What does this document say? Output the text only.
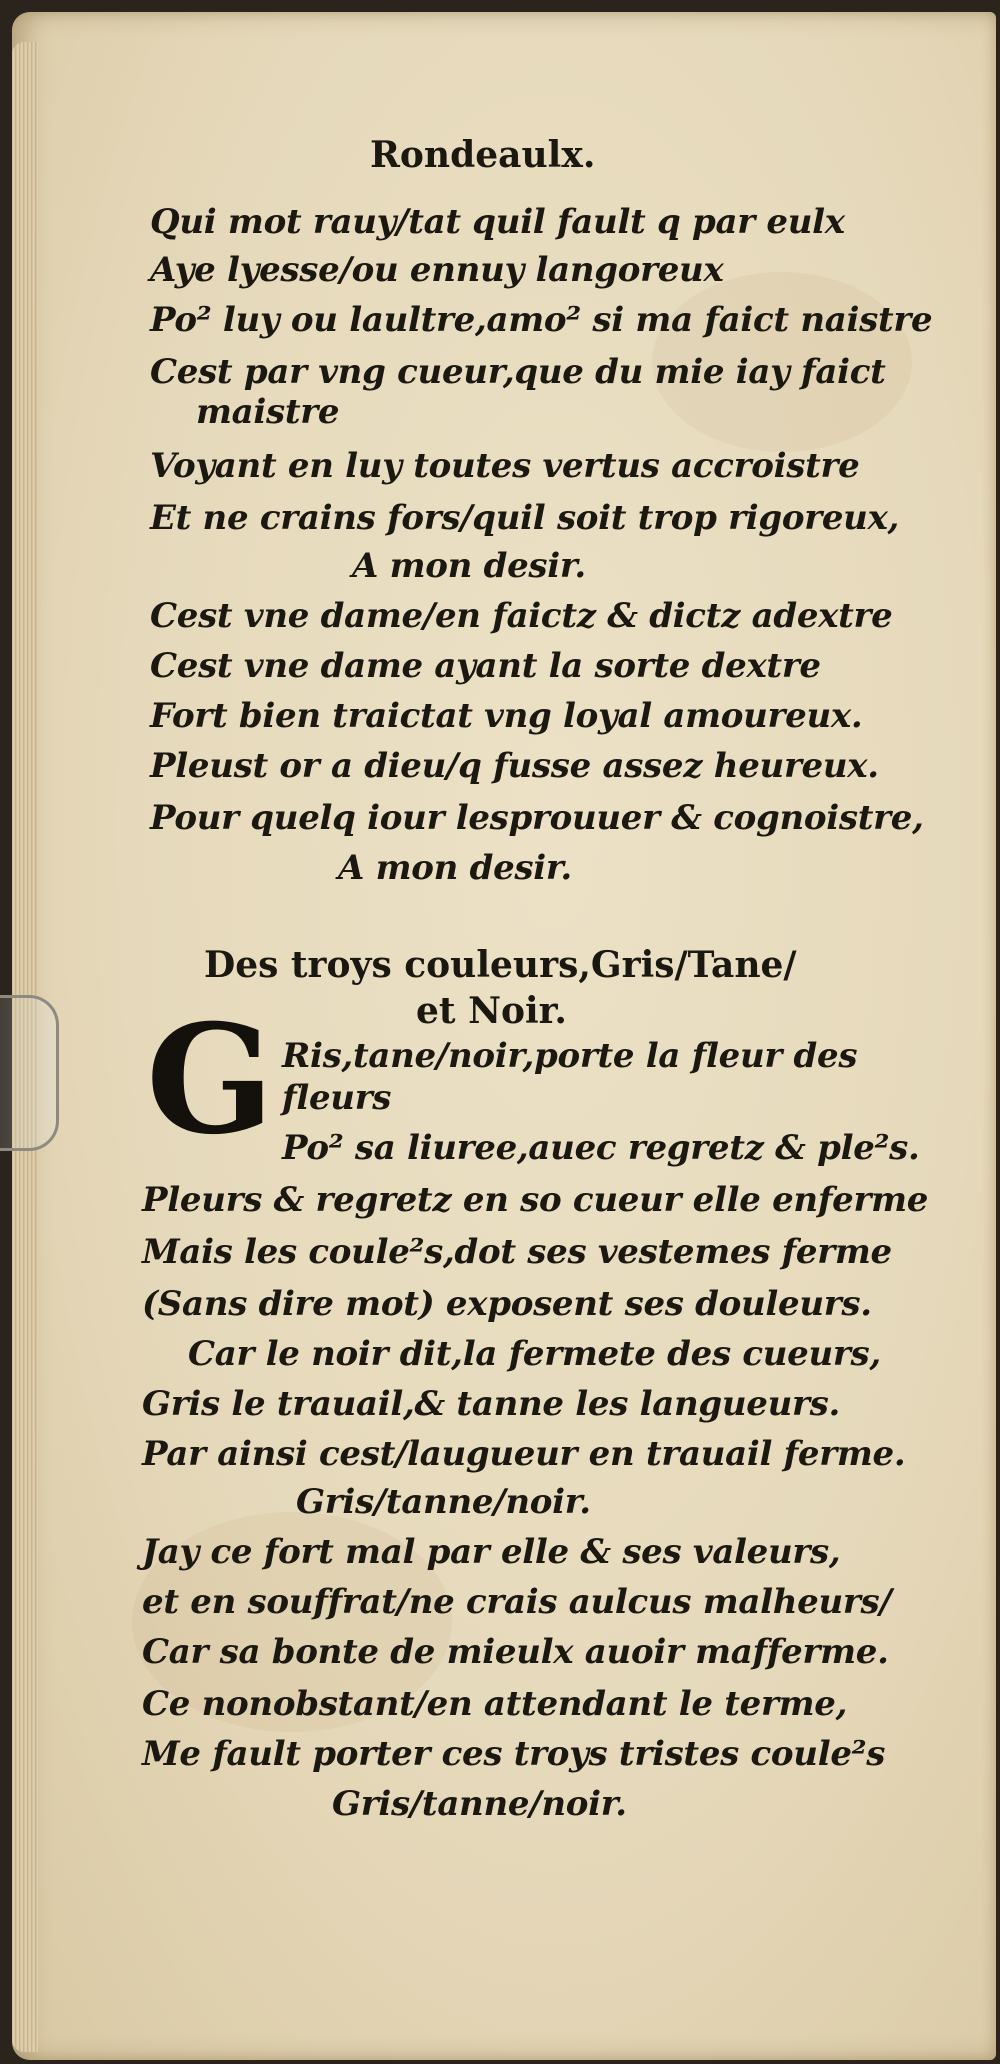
Rondeaulx.
Qui mot rauy/tat quil fault q par eulx
Aye lyesse/ou ennuy langoreux
Po² luy ou laultre,amo² si ma faict naistre
Cest par vng cueur,que du mie iay faict
maistre
Voyant en luy toutes vertus accroistre
Et ne crains fors/quil soit trop rigoreux,
A mon desir.
Cest vne dame/en faictz & dictz adextre
Cest vne dame ayant la sorte dextre
Fort bien traictat vng loyal amoureux.
Pleust or a dieu/q fusse assez heureux.
Pour quelq iour lesprouuer & cognoistre,
A mon desir.
Des troys couleurs,Gris/Tane/
et Noir.
G Ris,tane/noir,porte la fleur des
fleurs
Po² sa liuree,auec regretz & ple²s.
Pleurs & regretz en so cueur elle enferme
Mais les coule²s,dot ses vestemes ferme
(Sans dire mot) exposent ses douleurs.
Car le noir dit,la fermete des cueurs,
Gris le trauail,& tanne les langueurs.
Par ainsi cest/laugueur en trauail ferme.
Gris/tanne/noir.
Jay ce fort mal par elle & ses valeurs,
et en souffrat/ne crais aulcus malheurs/
Car sa bonte de mieulx auoir mafferme.
Ce nonobstant/en attendant le terme,
Me fault porter ces troys tristes coule²s
Gris/tanne/noir.
